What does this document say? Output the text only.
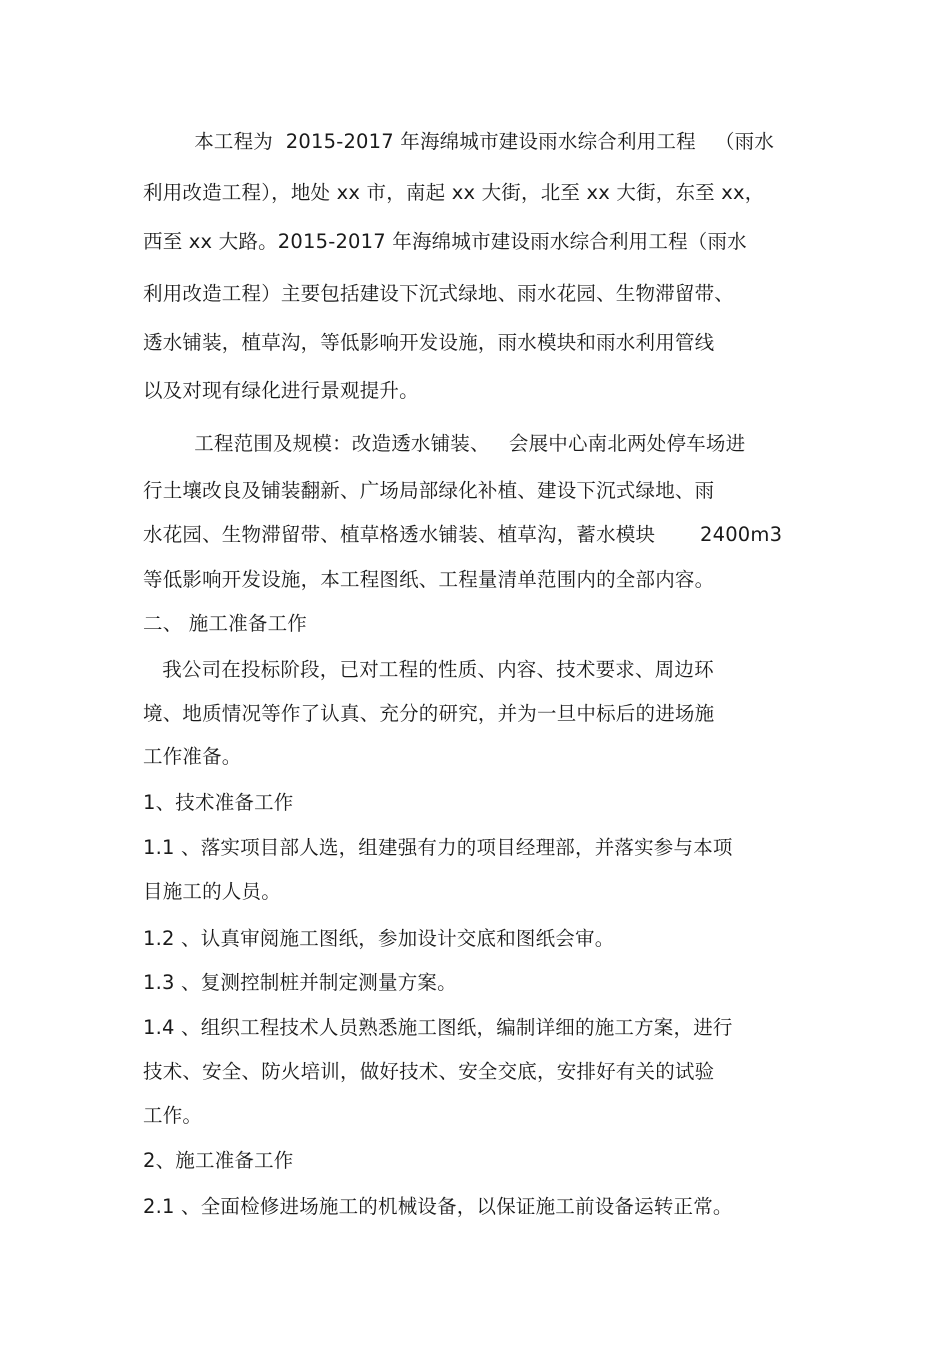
本工程为  2015-2017 年海绵城市建设雨水综合利用工程   （雨水
利用改造工程），地处 xx 市，南起 xx 大街，北至 xx 大街，东至 xx，
西至 xx 大路。2015-2017 年海绵城市建设雨水综合利用工程（雨水
利用改造工程）主要包括建设下沉式绿地、雨水花园、生物滞留带、
透水铺装，植草沟，等低影响开发设施，雨水模块和雨水利用管线
以及对现有绿化进行景观提升。
工程范围及规模：改造透水铺装、   会展中心南北两处停车场进
行土壤改良及铺装翻新、广场局部绿化补植、建设下沉式绿地、雨
水花园、生物滞留带、植草格透水铺装、植草沟，蓄水模块       2400m3
等低影响开发设施，本工程图纸、工程量清单范围内的全部内容。
二、 施工准备工作
我公司在投标阶段，已对工程的性质、内容、技术要求、周边环
境、地质情况等作了认真、充分的研究，并为一旦中标后的进场施
工作准备。
1、技术准备工作
1.1 、落实项目部人选，组建强有力的项目经理部，并落实参与本项
目施工的人员。
1.2 、认真审阅施工图纸，参加设计交底和图纸会审。
1.3 、复测控制桩并制定测量方案。
1.4 、组织工程技术人员熟悉施工图纸，编制详细的施工方案，进行
技术、安全、防火培训，做好技术、安全交底，安排好有关的试验
工作。
2、施工准备工作
2.1 、全面检修进场施工的机械设备，以保证施工前设备运转正常。
